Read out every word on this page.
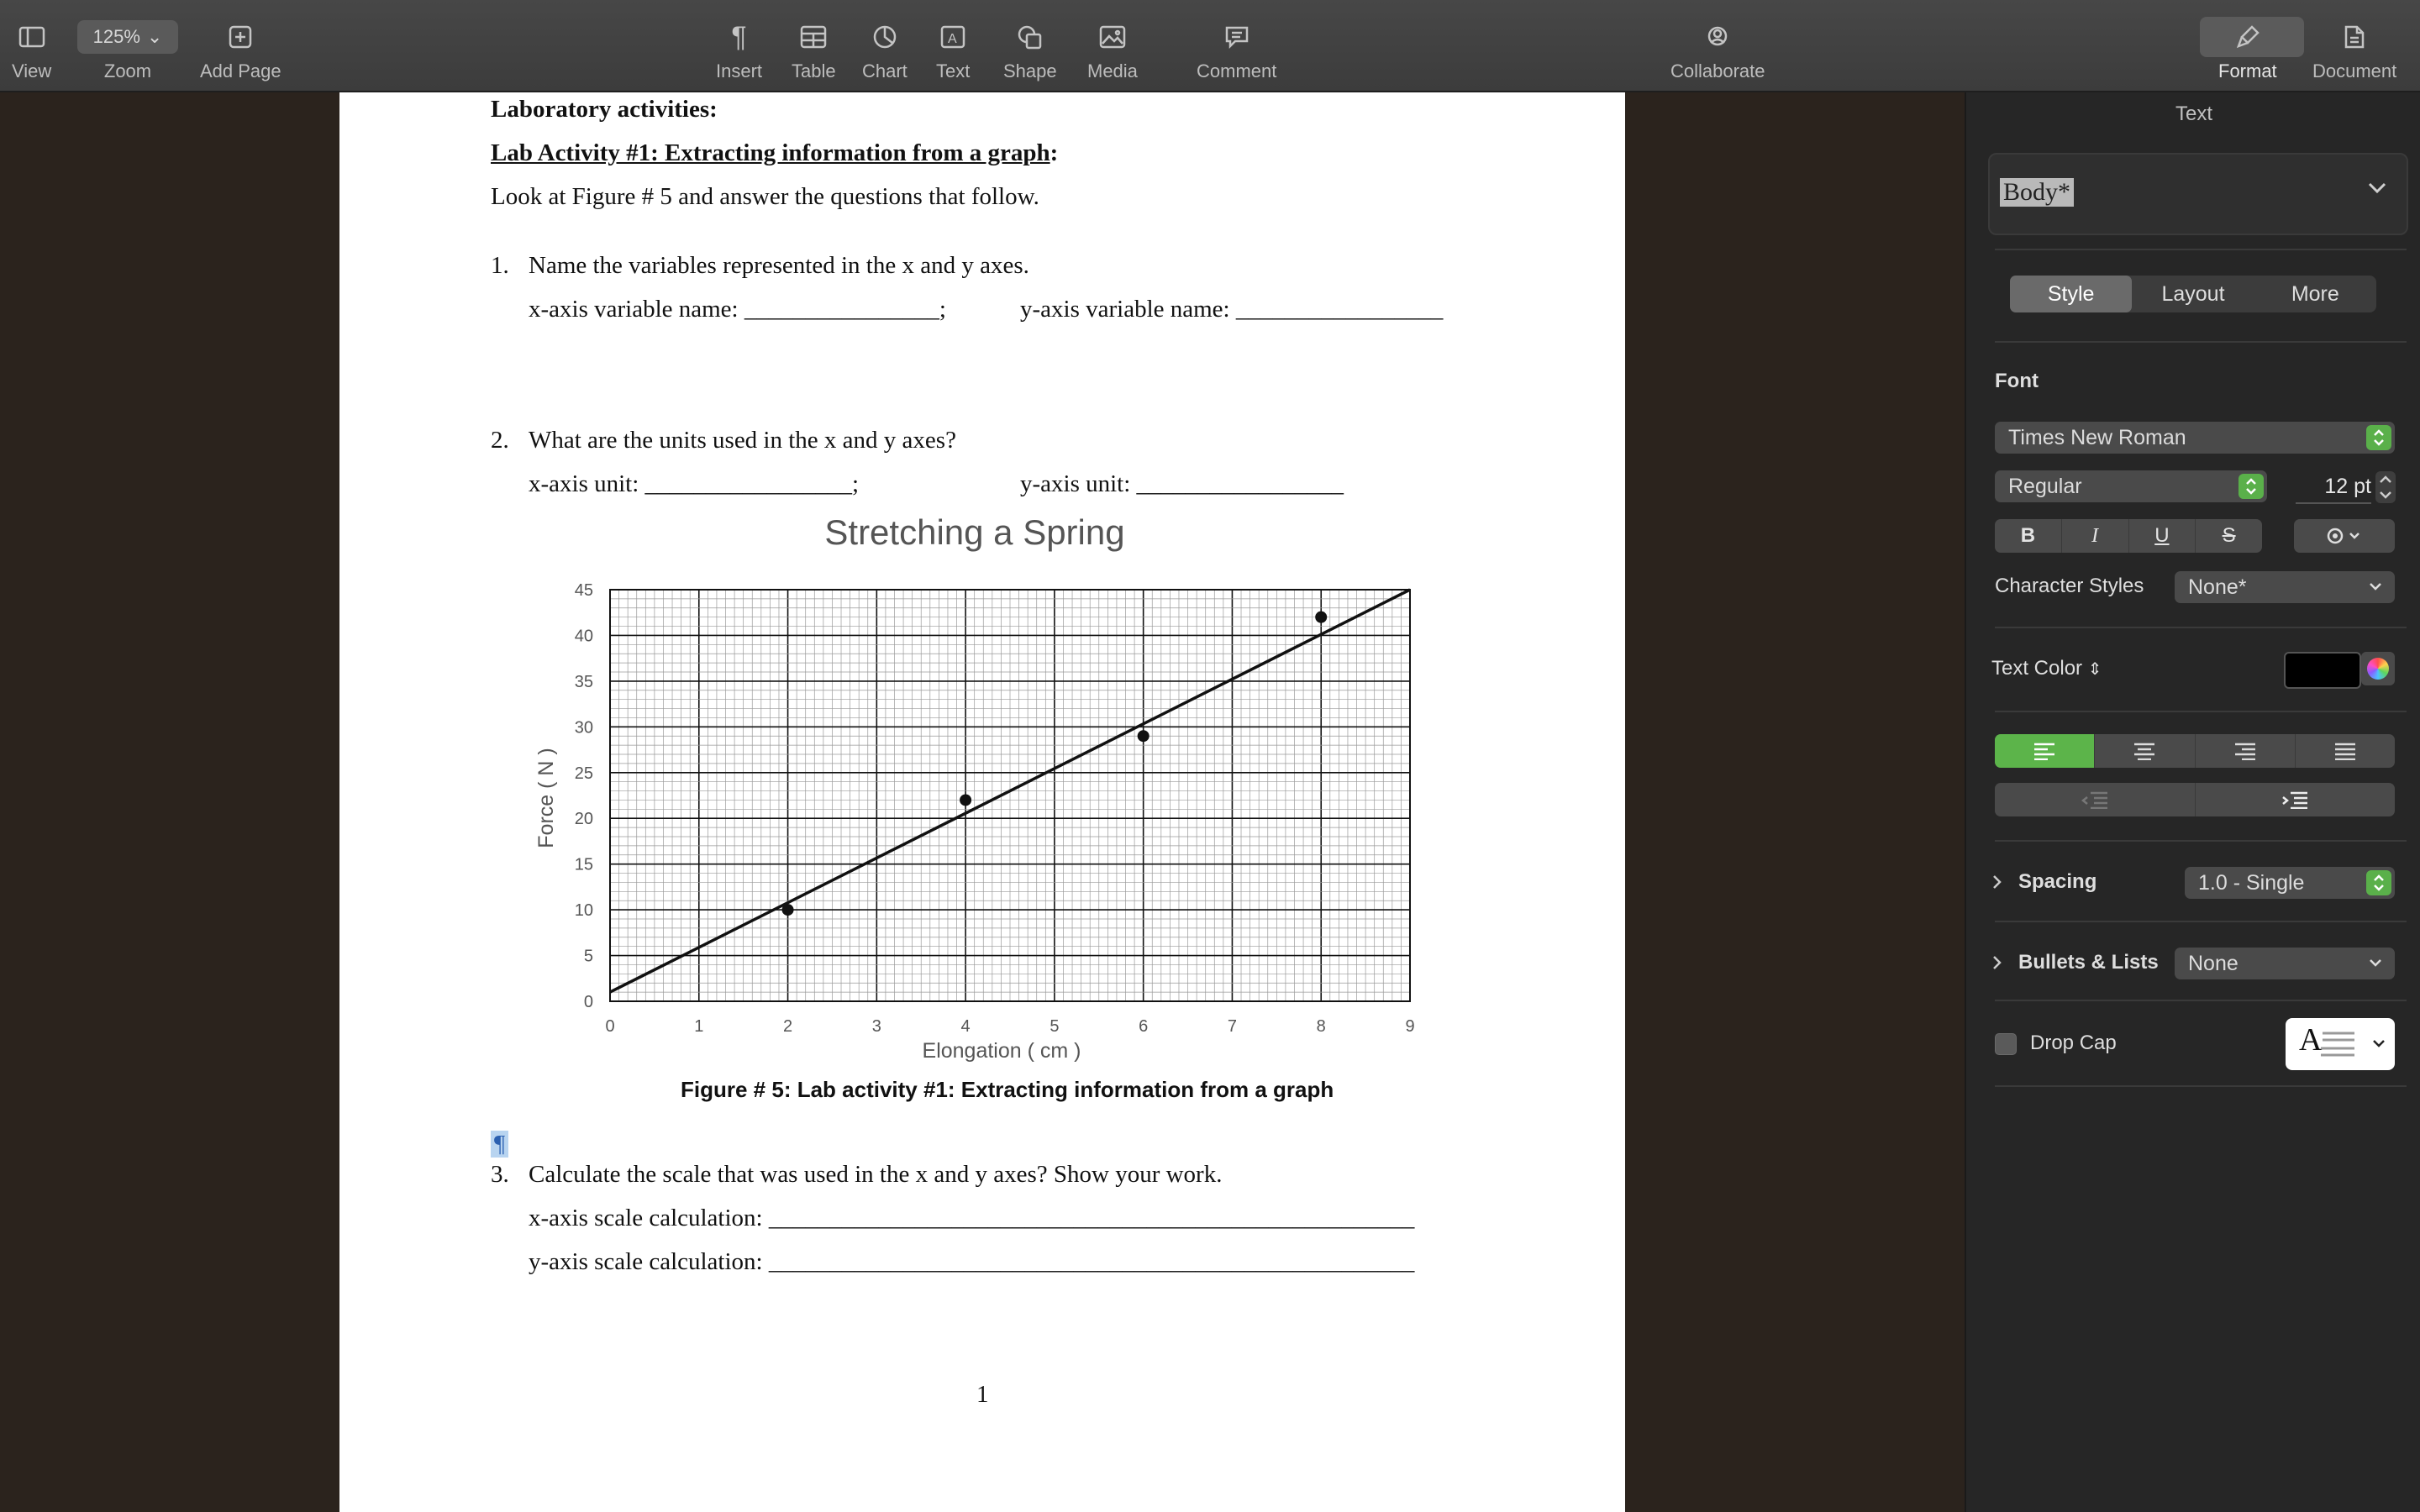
View
125% ⌄
Zoom	Add Page
¶
Insert Table Chart
A
Text Shape Media	Comment	Collaborate	Format Document
Laboratory activities:
Lab Activity #1: Extracting information from a graph:
Look at Figure # 5 and answer the questions that follow.
1. Name the variables represented in the x and y axes.
x-axis variable name: ________________;	y-axis variable name: _________________
2. What are the units used in the x and y axes?
x-axis unit: _________________;	y-axis unit: _________________
¶
3. Calculate the scale that was used in the x and y axes? Show your work.
x-axis scale calculation: _____________________________________________________
y-axis scale calculation: _____________________________________________________
1
Stretching a Spring
0	1	2	3	4	5	6	7	8	9
0
5
10
15
20
25
30
35
40
45
Elongation ( cm )
Force ( N )
Figure # 5: Lab activity #1: Extracting information from a graph
Text
Body*
Style	Layout	More
Font
Times New Roman
Regular	12 pt
B	I	U	S
Character Styles None*
Text Color ⇕
Spacing	1.0 - Single
Bullets & Lists None
Drop Cap	A
